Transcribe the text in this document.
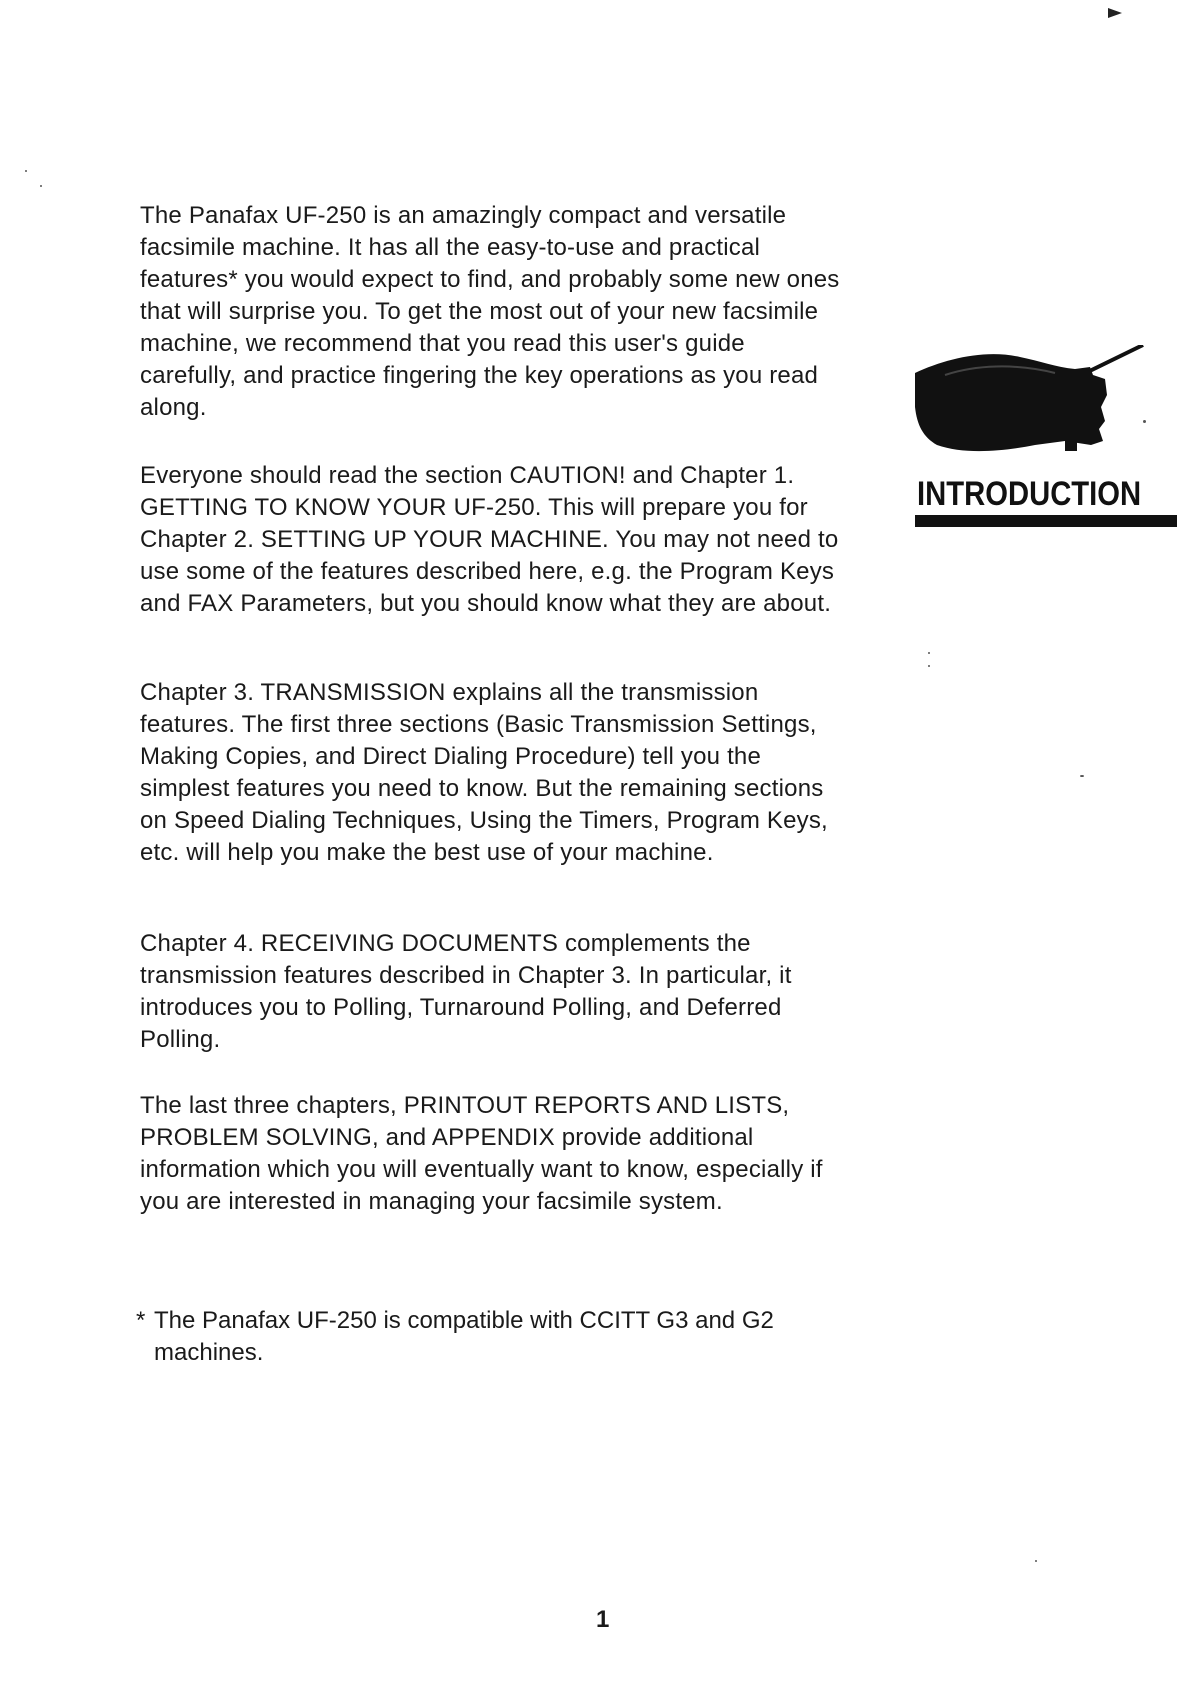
The Panafax UF-250 is an amazingly compact and versatile facsimile machine. It has all the easy-to-use and practical features* you would expect to find, and probably some new ones that will surprise you. To get the most out of your new facsimile machine, we recommend that you read this user's guide carefully, and practice fingering the key operations as you read along.

Everyone should read the section CAUTION! and Chapter 1. GETTING TO KNOW YOUR UF-250. This will prepare you for Chapter 2. SETTING UP YOUR MACHINE. You may not need to use some of the features described here, e.g. the Program Keys and FAX Parameters, but you should know what they are about.

Chapter 3. TRANSMISSION explains all the transmission features. The first three sections (Basic Transmission Settings, Making Copies, and Direct Dialing Procedure) tell you the simplest features you need to know. But the remaining sections on Speed Dialing Techniques, Using the Timers, Program Keys, etc. will help you make the best use of your machine.

Chapter 4. RECEIVING DOCUMENTS complements the transmission features described in Chapter 3. In particular, it introduces you to Polling, Turnaround Polling, and Deferred Polling.

The last three chapters, PRINTOUT REPORTS AND LISTS, PROBLEM SOLVING, and APPENDIX provide additional information which you will eventually want to know, especially if you are interested in managing your facsimile system.

* The Panafax UF-250 is compatible with CCITT G3 and G2 machines.
INTRODUCTION
1
